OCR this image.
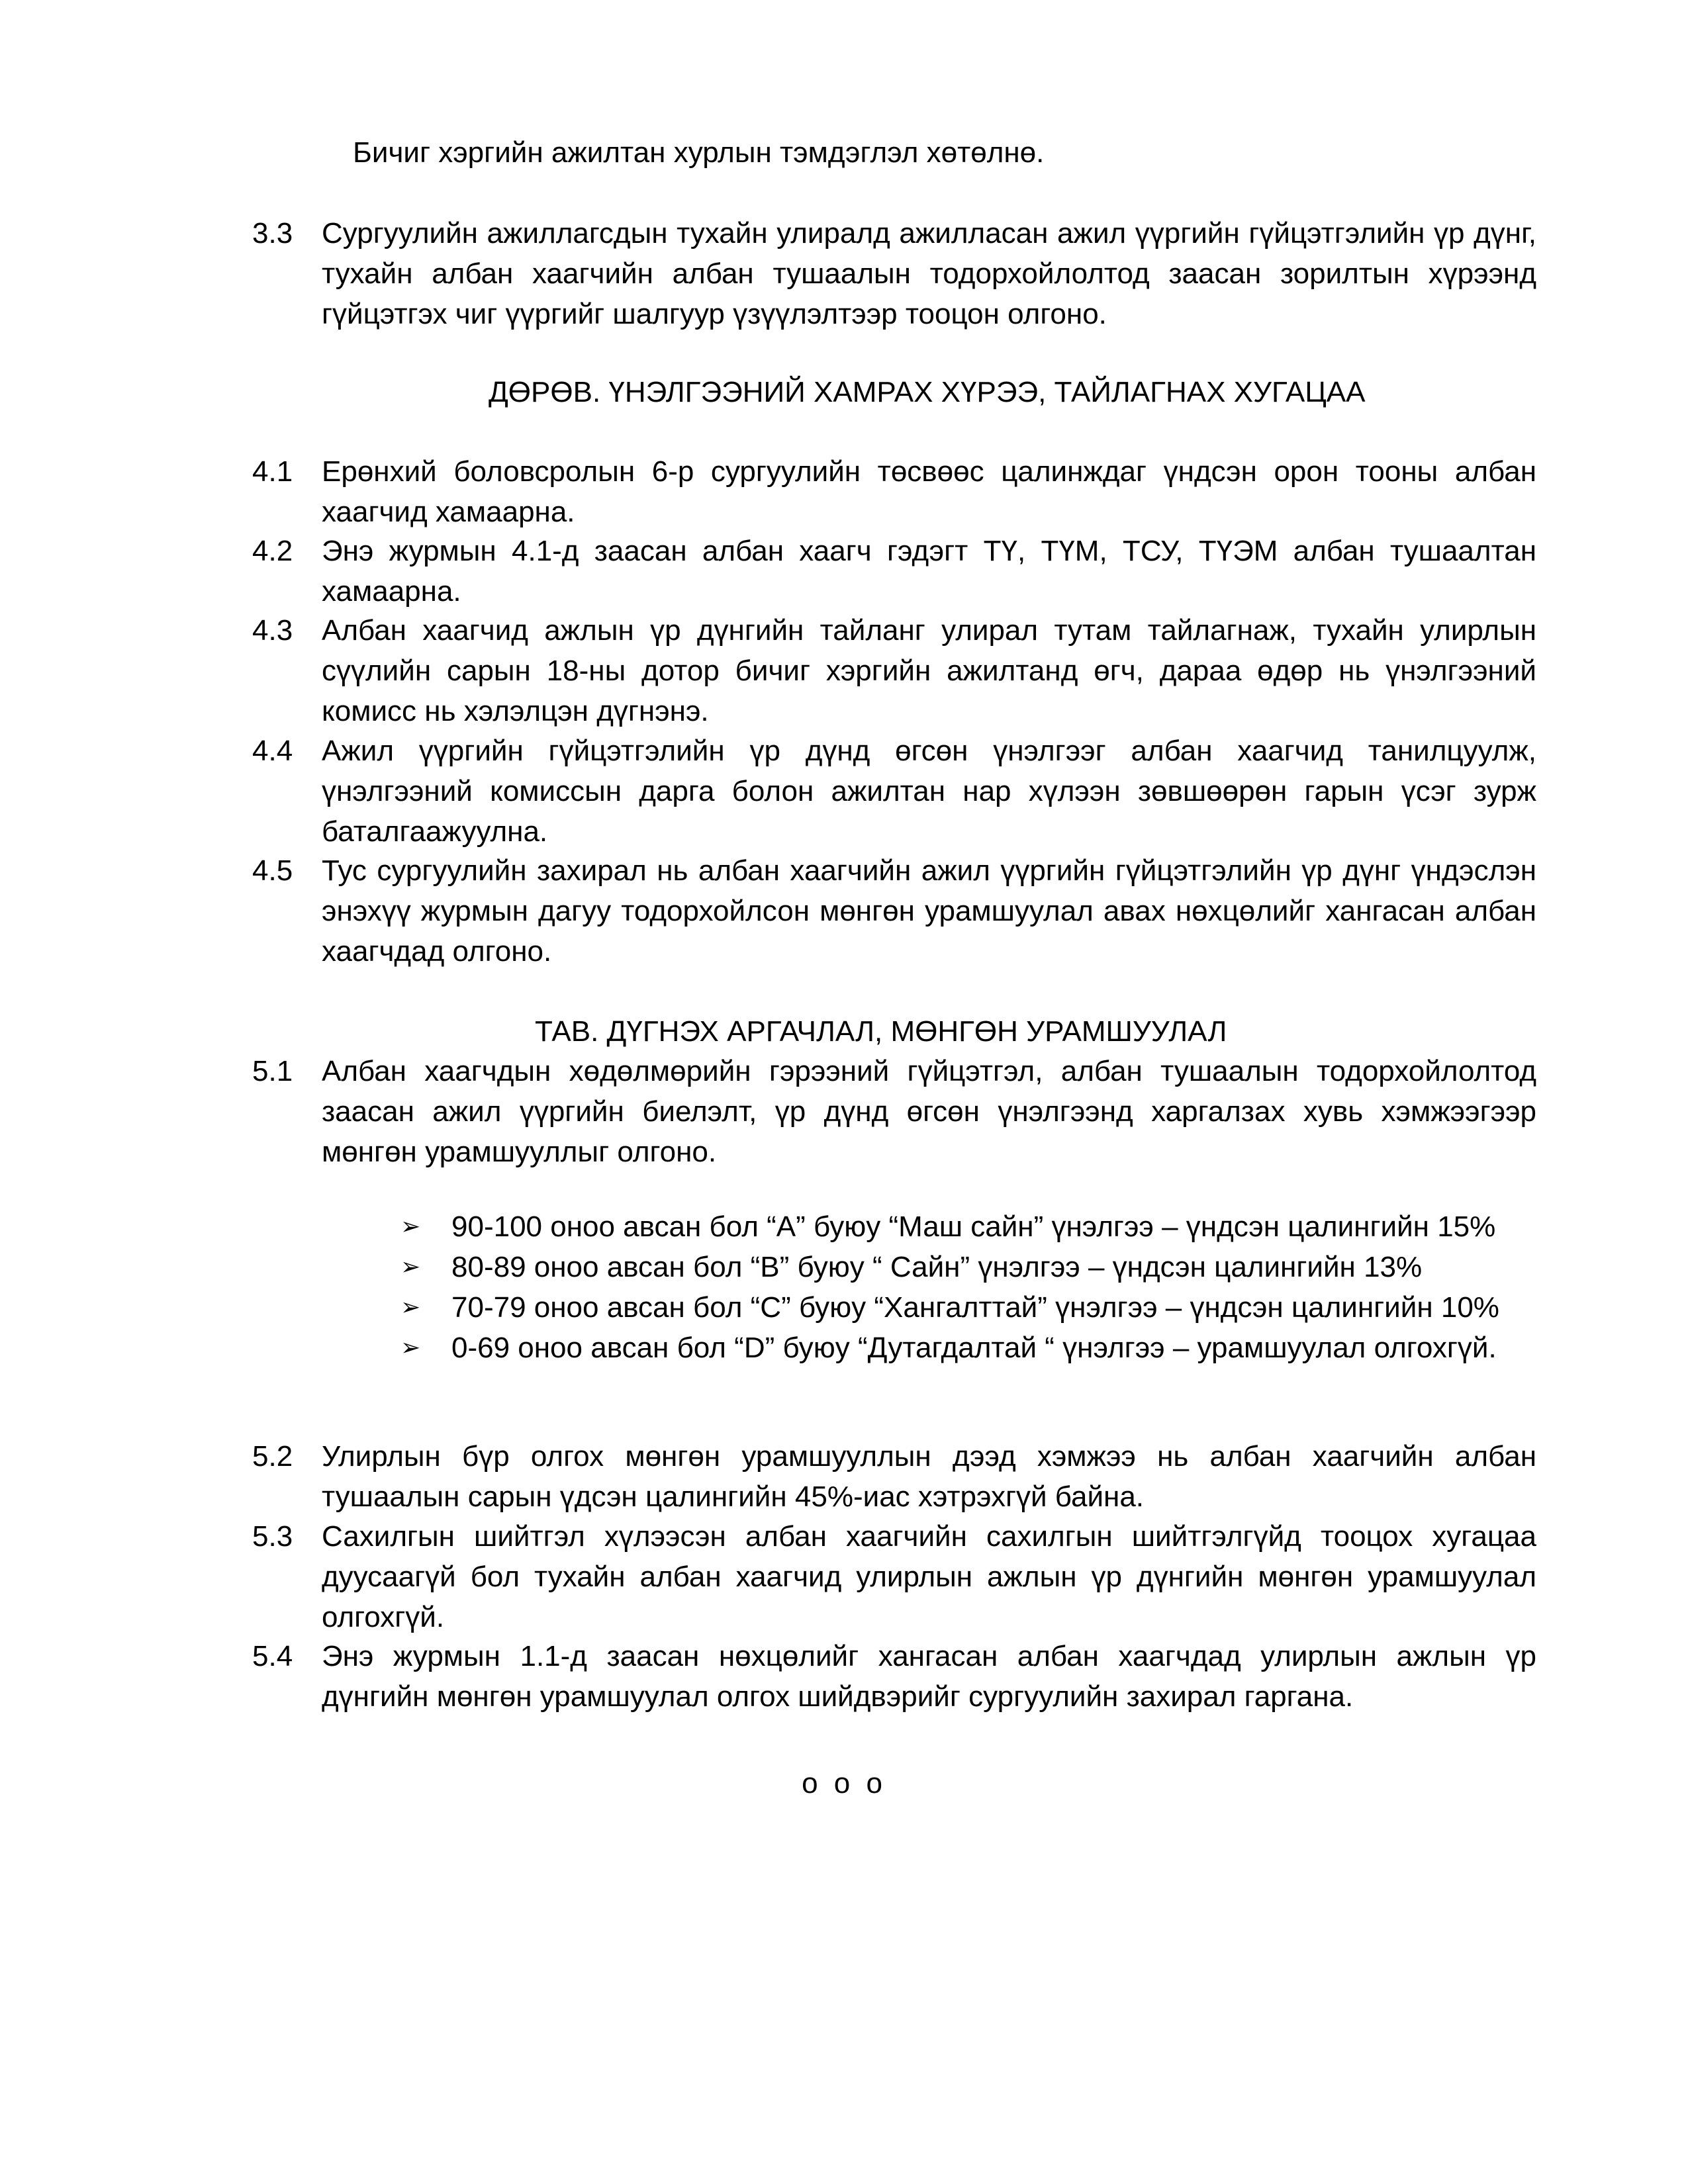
Бичиг хэргийн ажилтан хурлын тэмдэглэл хөтөлнө.
3.3 Сургуулийн ажиллагсдын тухайн улиралд ажилласан ажил үүргийн гүйцэтгэлийн үр дүнг, тухайн албан хаагчийн албан тушаалын тодорхойлолтод заасан зорилтын хүрээнд гүйцэтгэх чиг үүргийг шалгуур үзүүлэлтээр тооцон олгоно.
ДӨРӨВ. ҮНЭЛГЭЭНИЙ ХАМРАХ ХҮРЭЭ, ТАЙЛАГНАХ ХУГАЦАА
4.1 Ерөнхий боловсролын 6-р сургуулийн төсвөөс цалинждаг үндсэн орон тооны албан хаагчид хамаарна.
4.2 Энэ журмын 4.1-д заасан албан хаагч гэдэгт ТҮ, ТҮМ, ТСУ, ТҮЭМ албан тушаалтан хамаарна.
4.3 Албан хаагчид ажлын үр дүнгийн тайланг улирал тутам тайлагнаж, тухайн улирлын сүүлийн сарын 18-ны дотор бичиг хэргийн ажилтанд өгч, дараа өдөр нь үнэлгээний комисс нь хэлэлцэн дүгнэнэ.
4.4 Ажил үүргийн гүйцэтгэлийн үр дүнд өгсөн үнэлгээг албан хаагчид танилцуулж, үнэлгээний комиссын дарга болон ажилтан нар хүлээн зөвшөөрөн гарын үсэг зурж баталгаажуулна.
4.5 Тус сургуулийн захирал нь албан хаагчийн ажил үүргийн гүйцэтгэлийн үр дүнг үндэслэн энэхүү журмын дагуу тодорхойлсон мөнгөн урамшуулал авах нөхцөлийг хангасан албан хаагчдад олгоно.
ТАВ. ДҮГНЭХ АРГАЧЛАЛ, МӨНГӨН УРАМШУУЛАЛ
5.1 Албан хаагчдын хөдөлмөрийн гэрээний гүйцэтгэл, албан тушаалын тодорхойлолтод заасан ажил үүргийн биелэлт, үр дүнд өгсөн үнэлгээнд харгалзах хувь хэмжээгээр мөнгөн урамшууллыг олгоно.
➢ 90-100 оноо авсан бол “А” буюу “Маш сайн” үнэлгээ – үндсэн цалингийн 15%
➢ 80-89 оноо авсан бол “B” буюу “ Сайн” үнэлгээ – үндсэн цалингийн 13%
➢ 70-79 оноо авсан бол “C” буюу “Хангалттай” үнэлгээ – үндсэн цалингийн 10%
➢ 0-69 оноо авсан бол “D” буюу “Дутагдалтай “ үнэлгээ – урамшуулал олгохгүй.
5.2 Улирлын бүр олгох мөнгөн урамшууллын дээд хэмжээ нь албан хаагчийн албан тушаалын сарын үдсэн цалингийн 45%-иас хэтрэхгүй байна.
5.3 Сахилгын шийтгэл хүлээсэн албан хаагчийн сахилгын шийтгэлгүйд тооцох хугацаа дуусаагүй бол тухайн албан хаагчид улирлын ажлын үр дүнгийн мөнгөн урамшуулал олгохгүй.
5.4 Энэ журмын 1.1-д заасан нөхцөлийг хангасан албан хаагчдад улирлын ажлын үр дүнгийн мөнгөн урамшуулал олгох шийдвэрийг сургуулийн захирал гаргана.
o o o
